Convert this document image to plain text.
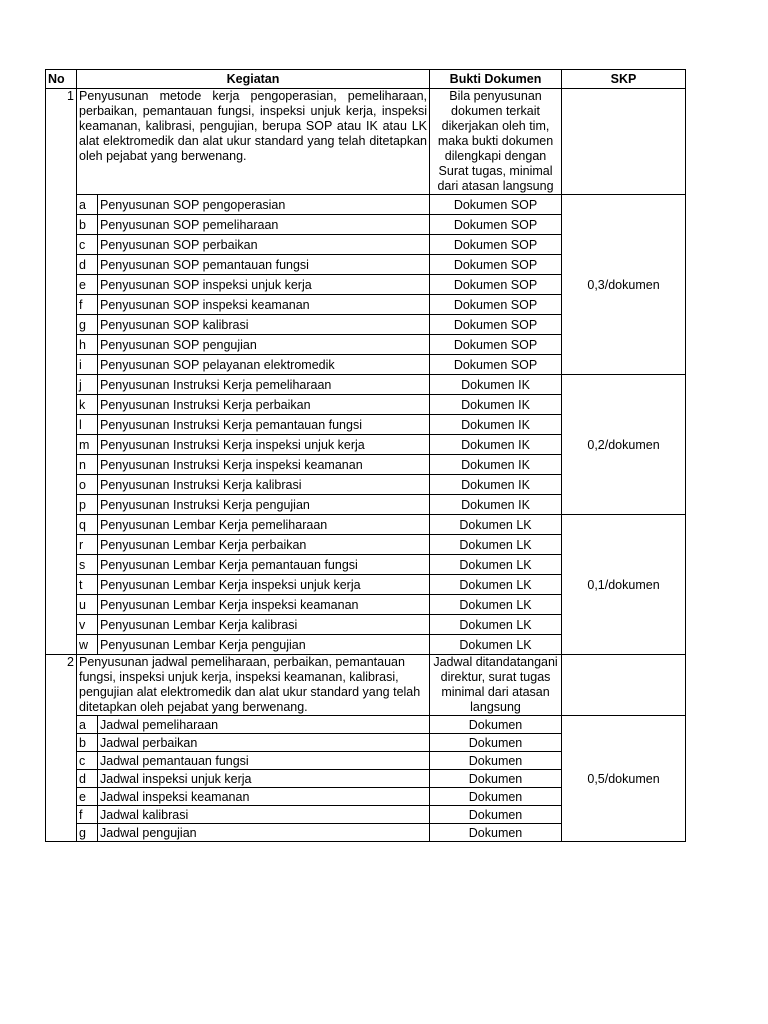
No	Kegiatan		Bukti Dokumen	SKP
1	Penyusunan metode kerja pengoperasian, pemeliharaan, perbaikan, pemantauan fungsi, inspeksi unjuk kerja, inspeksi keamanan, kalibrasi, pengujian, berupa SOP atau IK atau LK alat elektromedik dan alat ukur standard yang telah ditetapkan oleh pejabat yang berwenang.		Bila penyusunan dokumen terkait dikerjakan oleh tim, maka bukti dokumen dilengkapi dengan Surat tugas, minimal dari atasan langsung	
	a	Penyusunan SOP pengoperasian	Dokumen SOP	0,3/dokumen
	b	Penyusunan SOP pemeliharaan	Dokumen SOP	
	c	Penyusunan SOP perbaikan	Dokumen SOP	
	d	Penyusunan SOP pemantauan fungsi	Dokumen SOP	
	e	Penyusunan SOP inspeksi unjuk kerja	Dokumen SOP	
	f	Penyusunan SOP inspeksi keamanan	Dokumen SOP	
	g	Penyusunan SOP kalibrasi	Dokumen SOP	
	h	Penyusunan SOP pengujian	Dokumen SOP	
	i	Penyusunan SOP pelayanan elektromedik	Dokumen SOP	
	j	Penyusunan Instruksi Kerja pemeliharaan	Dokumen IK	0,2/dokumen
	k	Penyusunan Instruksi Kerja perbaikan	Dokumen IK	
	l	Penyusunan Instruksi Kerja pemantauan fungsi	Dokumen IK	
	m	Penyusunan Instruksi Kerja inspeksi unjuk kerja	Dokumen IK	
	n	Penyusunan Instruksi Kerja inspeksi keamanan	Dokumen IK	
	o	Penyusunan Instruksi Kerja kalibrasi	Dokumen IK	
	p	Penyusunan Instruksi Kerja pengujian	Dokumen IK	
	q	Penyusunan Lembar Kerja pemeliharaan	Dokumen LK	0,1/dokumen
	r	Penyusunan Lembar Kerja perbaikan	Dokumen LK	
	s	Penyusunan Lembar Kerja pemantauan fungsi	Dokumen LK	
	t	Penyusunan Lembar Kerja inspeksi unjuk kerja	Dokumen LK	
	u	Penyusunan Lembar Kerja inspeksi keamanan	Dokumen LK	
	v	Penyusunan Lembar Kerja kalibrasi	Dokumen LK	
	w	Penyusunan Lembar Kerja pengujian	Dokumen LK	
2	Penyusunan jadwal pemeliharaan, perbaikan, pemantauan fungsi, inspeksi unjuk kerja, inspeksi keamanan, kalibrasi, pengujian alat elektromedik dan alat ukur standard yang telah ditetapkan oleh pejabat yang berwenang.		Jadwal ditandatangani direktur, surat tugas minimal dari atasan langsung	
	a	Jadwal pemeliharaan	Dokumen	0,5/dokumen
	b	Jadwal perbaikan	Dokumen	
	c	Jadwal pemantauan fungsi	Dokumen	
	d	Jadwal inspeksi unjuk kerja	Dokumen	
	e	Jadwal inspeksi keamanan	Dokumen	
	f	Jadwal kalibrasi	Dokumen	
	g	Jadwal pengujian	Dokumen	
